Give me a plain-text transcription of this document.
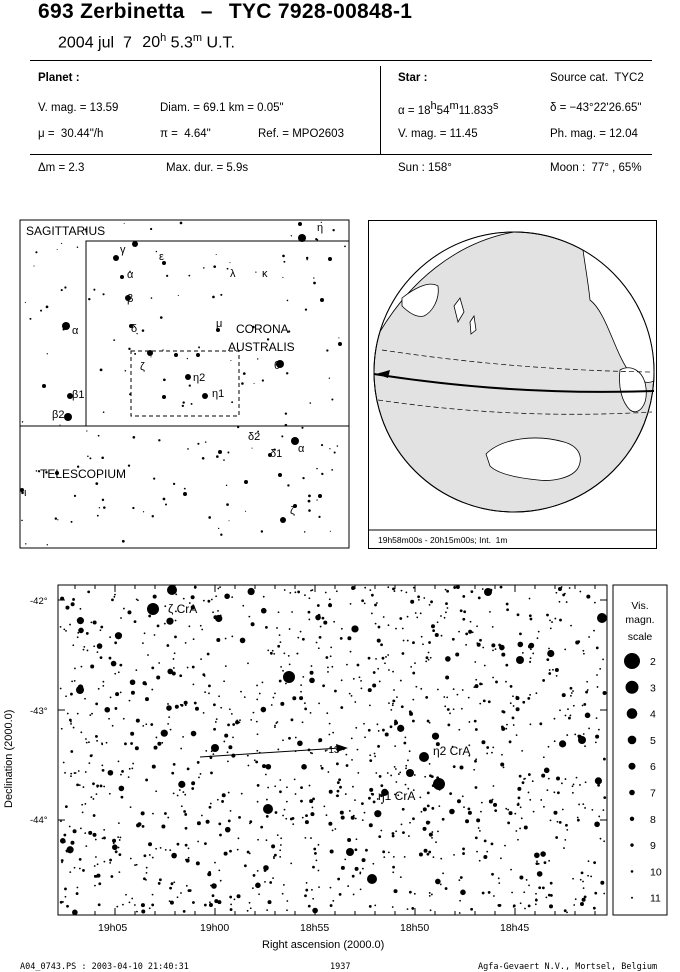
693 Zerbinetta – TYC 7928-00848-1
2004 jul  7 20$^h$ 5.3$^m$ U.T.
Planet :
V. mag. = 13.59	Diam. = 69.1 km = 0.05"
μ =  30.44"/h	π =  4.64"	Ref. = MPO2603
Δm = 2.3	Max. dur. = 5.9s
Star :	Source cat.  TYC2
α = 18h54m11.833s	δ = −43°22'26.65"
V. mag. = 11.45	Ph. mag. = 12.04
Sun : 158°	Moon :  77° , 65%
SAGITTARIUS
CORONA
AUSTRALIS
TELESCOPIUM
η
γ
ε
α	λ κ
β
α	δ	μ
ζ
η2
θ
η1
β1
β2
δ2
α
δ1
ι
ζ
19h58m00s - 20h15m00s; Int.  1m
-13
ζ CrA
η2 CrA
η1 CrA
19h05	19h00	18h55	18h50	18h45
-42°
-43°
-44°
Right ascension (2000.0)
Declination (2000.0)
Vis.
magn.
scale
2
3
4
5
6
7
8
9
10
11
A04_0743.PS : 2003-04-10 21:40:31	1937	Agfa-Gevaert N.V., Mortsel, Belgium
